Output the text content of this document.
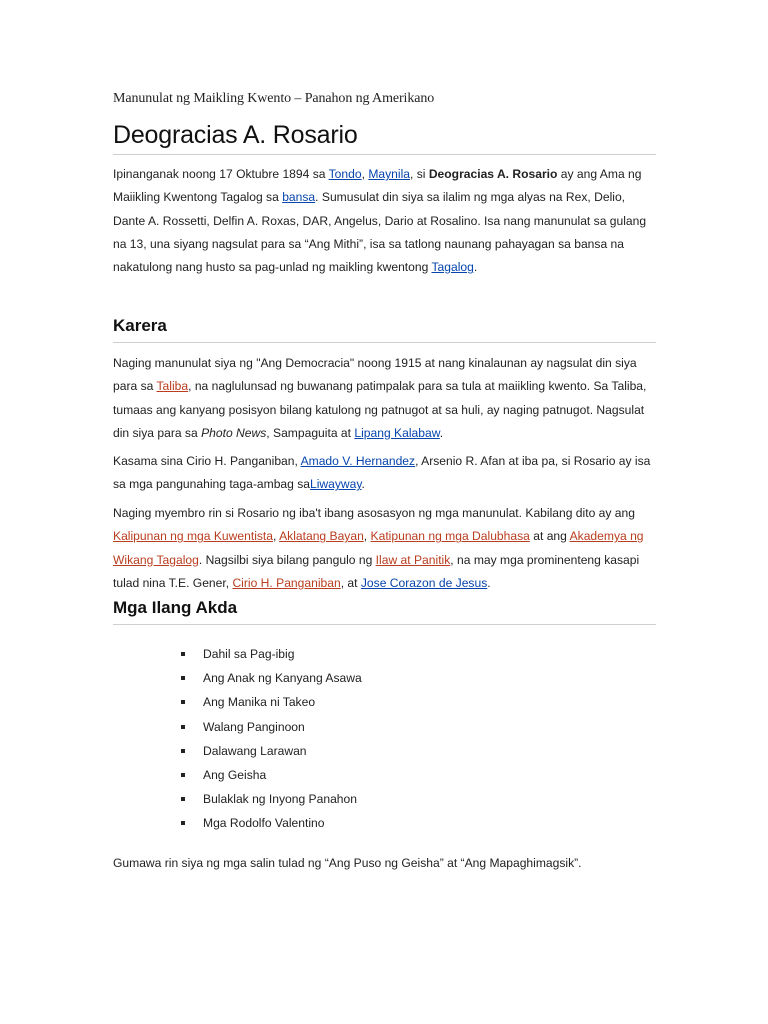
Manunulat ng Maikling Kwento – Panahon ng Amerikano
Deogracias A. Rosario

Ipinanganak noong 17 Oktubre 1894 sa Tondo, Maynila, si Deogracias A. Rosario ay ang Ama ng Maiikling Kwentong Tagalog sa bansa. Sumusulat din siya sa ilalim ng mga alyas na Rex, Delio, Dante A. Rossetti, Delfin A. Roxas, DAR, Angelus, Dario at Rosalino. Isa nang manunulat sa gulang na 13, una siyang nagsulat para sa “Ang Mithi”, isa sa tatlong naunang pahayagan sa bansa na nakatulong nang husto sa pag-unlad ng maikling kwentong Tagalog.

Karera

Naging manunulat siya ng "Ang Democracia" noong 1915 at nang kinalaunan ay nagsulat din siya para sa Taliba, na naglulunsad ng buwanang patimpalak para sa tula at maiikling kwento. Sa Taliba, tumaas ang kanyang posisyon bilang katulong ng patnugot at sa huli, ay naging patnugot. Nagsulat din siya para sa Photo News, Sampaguita at Lipang Kalabaw.

Kasama sina Cirio H. Panganiban, Amado V. Hernandez, Arsenio R. Afan at iba pa, si Rosario ay isa sa mga pangunahing taga-ambag saLiwayway.

Naging myembro rin si Rosario ng iba't ibang asosasyon ng mga manunulat. Kabilang dito ay ang Kalipunan ng mga Kuwentista, Aklatang Bayan, Katipunan ng mga Dalubhasa at ang Akademya ng Wikang Tagalog. Nagsilbi siya bilang pangulo ng Ilaw at Panitik, na may mga prominenteng kasapi tulad nina T.E. Gener, Cirio H. Panganiban, at Jose Corazon de Jesus.

Mga Ilang Akda
Dahil sa Pag-ibig
Ang Anak ng Kanyang Asawa
Ang Manika ni Takeo
Walang Panginoon
Dalawang Larawan
Ang Geisha
Bulaklak ng Inyong Panahon
Mga Rodolfo Valentino

Gumawa rin siya ng mga salin tulad ng “Ang Puso ng Geisha” at “Ang Mapaghimagsik”.
